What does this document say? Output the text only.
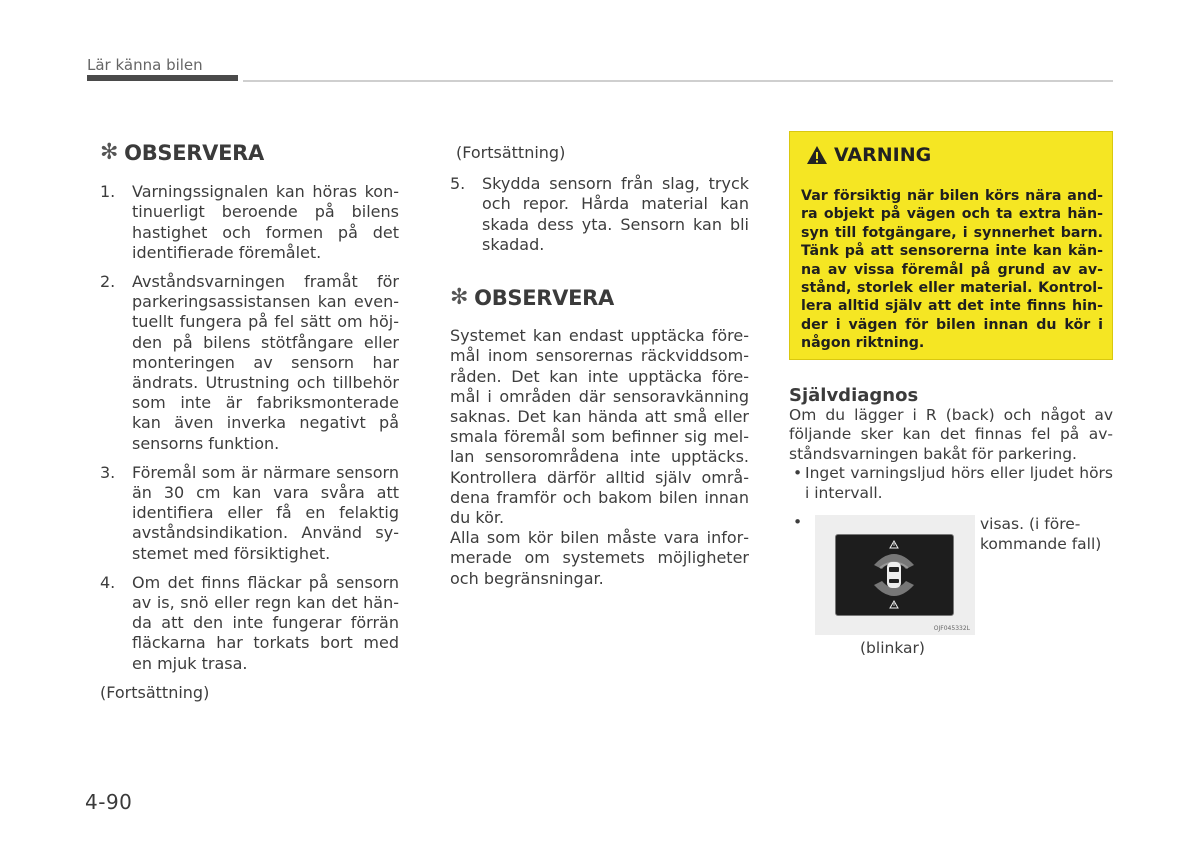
Lär känna bilen
✻ OBSERVERA
1. Varningssignalen kan höras kontinuerligt beroende på bilens hastighet och formen på det identifierade föremålet.
2. Avståndsvarningen framåt för parkeringsassistansen kan eventuellt fungera på fel sätt om höjden på bilens stötfångare eller monteringen av sensorn har ändrats. Utrustning och tillbehör som inte är fabriksmonterade kan även inverka negativt på sensorns funktion.
3. Föremål som är närmare sensorn än 30 cm kan vara svåra att identifiera eller få en felaktig avståndsindikation. Använd systemet med försiktighet.
4. Om det finns fläckar på sensorn av is, snö eller regn kan det hända att den inte fungerar förrän fläckarna har torkats bort med en mjuk trasa.

(Fortsättning)

(Fortsättning)

5. Skydda sensorn från slag, tryck och repor. Hårda material kan skada dess yta. Sensorn kan bli skadad.
✻ OBSERVERA

Systemet kan endast upptäcka föremål inom sensorernas räckviddsområden. Det kan inte upptäcka föremål i områden där sensoravkänning saknas. Det kan hända att små eller smala föremål som befinner sig mellan sensorområdena inte upptäcks. Kontrollera därför alltid själv områdena framför och bakom bilen innan du kör.

Alla som kör bilen måste vara informerade om systemets möjligheter och begränsningar.

VARNING
Var försiktig när bilen körs nära andra objekt på vägen och ta extra hänsyn till fotgängare, i synnerhet barn. Tänk på att sensorerna inte kan känna av vissa föremål på grund av avstånd, storlek eller material. Kontrollera alltid själv att det inte finns hinder i vägen för bilen innan du kör i någon riktning.
Självdiagnos

Om du lägger i R (back) och något av följande sker kan det finnas fel på avståndsvarningen bakåt för parkering.

• Inget varningsljud hörs eller ljudet hörs i intervall.
•
OJF045332L
visas. (i förekommande fall)
(blinkar)
4-90
